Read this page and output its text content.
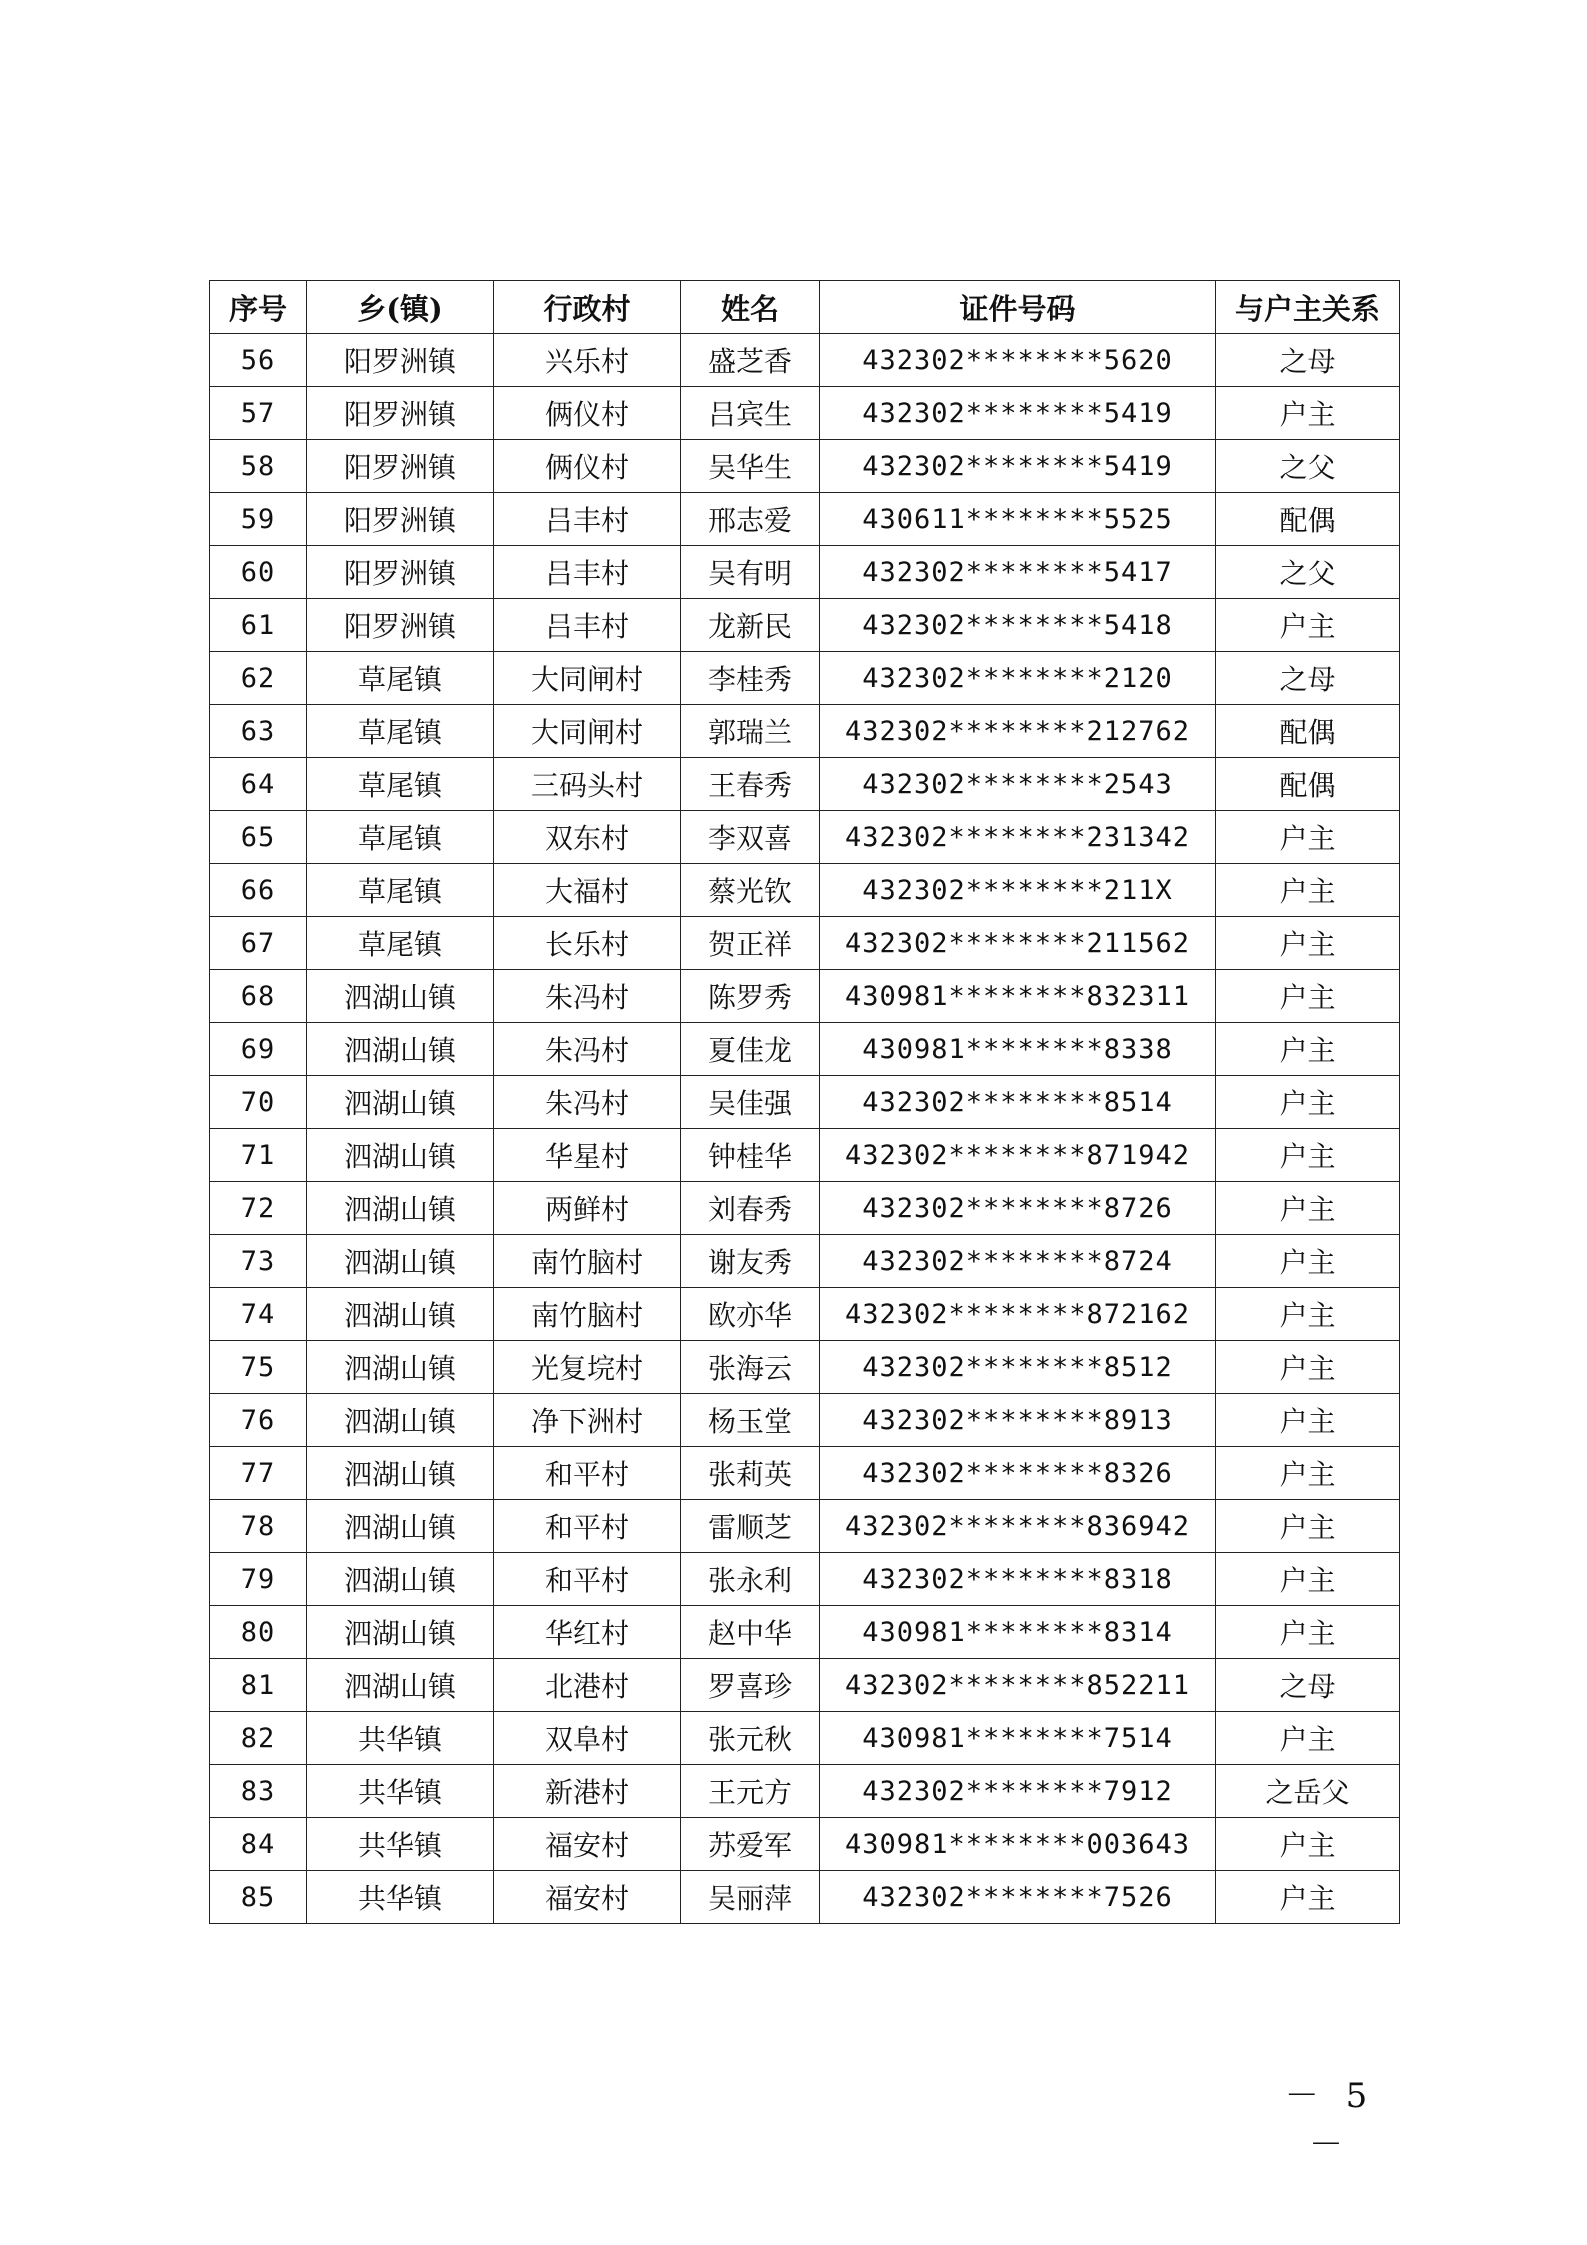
序号	乡(镇)	行政村	姓名	证件号码	与户主关系
56	阳罗洲镇	兴乐村	盛芝香	432302********5620	之母
57	阳罗洲镇	俩仪村	吕宾生	432302********5419	户主
58	阳罗洲镇	俩仪村	吴华生	432302********5419	之父
59	阳罗洲镇	吕丰村	邢志爱	430611********5525	配偶
60	阳罗洲镇	吕丰村	吴有明	432302********5417	之父
61	阳罗洲镇	吕丰村	龙新民	432302********5418	户主
62	草尾镇	大同闸村	李桂秀	432302********2120	之母
63	草尾镇	大同闸村	郭瑞兰	432302********212762	配偶
64	草尾镇	三码头村	王春秀	432302********2543	配偶
65	草尾镇	双东村	李双喜	432302********231342	户主
66	草尾镇	大福村	蔡光钦	432302********211X	户主
67	草尾镇	长乐村	贺正祥	432302********211562	户主
68	泗湖山镇	朱冯村	陈罗秀	430981********832311	户主
69	泗湖山镇	朱冯村	夏佳龙	430981********8338	户主
70	泗湖山镇	朱冯村	吴佳强	432302********8514	户主
71	泗湖山镇	华星村	钟桂华	432302********871942	户主
72	泗湖山镇	两鲜村	刘春秀	432302********8726	户主
73	泗湖山镇	南竹脑村	谢友秀	432302********8724	户主
74	泗湖山镇	南竹脑村	欧亦华	432302********872162	户主
75	泗湖山镇	光复垸村	张海云	432302********8512	户主
76	泗湖山镇	净下洲村	杨玉堂	432302********8913	户主
77	泗湖山镇	和平村	张莉英	432302********8326	户主
78	泗湖山镇	和平村	雷顺芝	432302********836942	户主
79	泗湖山镇	和平村	张永利	432302********8318	户主
80	泗湖山镇	华红村	赵中华	430981********8314	户主
81	泗湖山镇	北港村	罗喜珍	432302********852211	之母
82	共华镇	双阜村	张元秋	430981********7514	户主
83	共华镇	新港村	王元方	432302********7912	之岳父
84	共华镇	福安村	苏爱军	430981********003643	户主
85	共华镇	福安村	吴丽萍	432302********7526	户主
－ 5 －
